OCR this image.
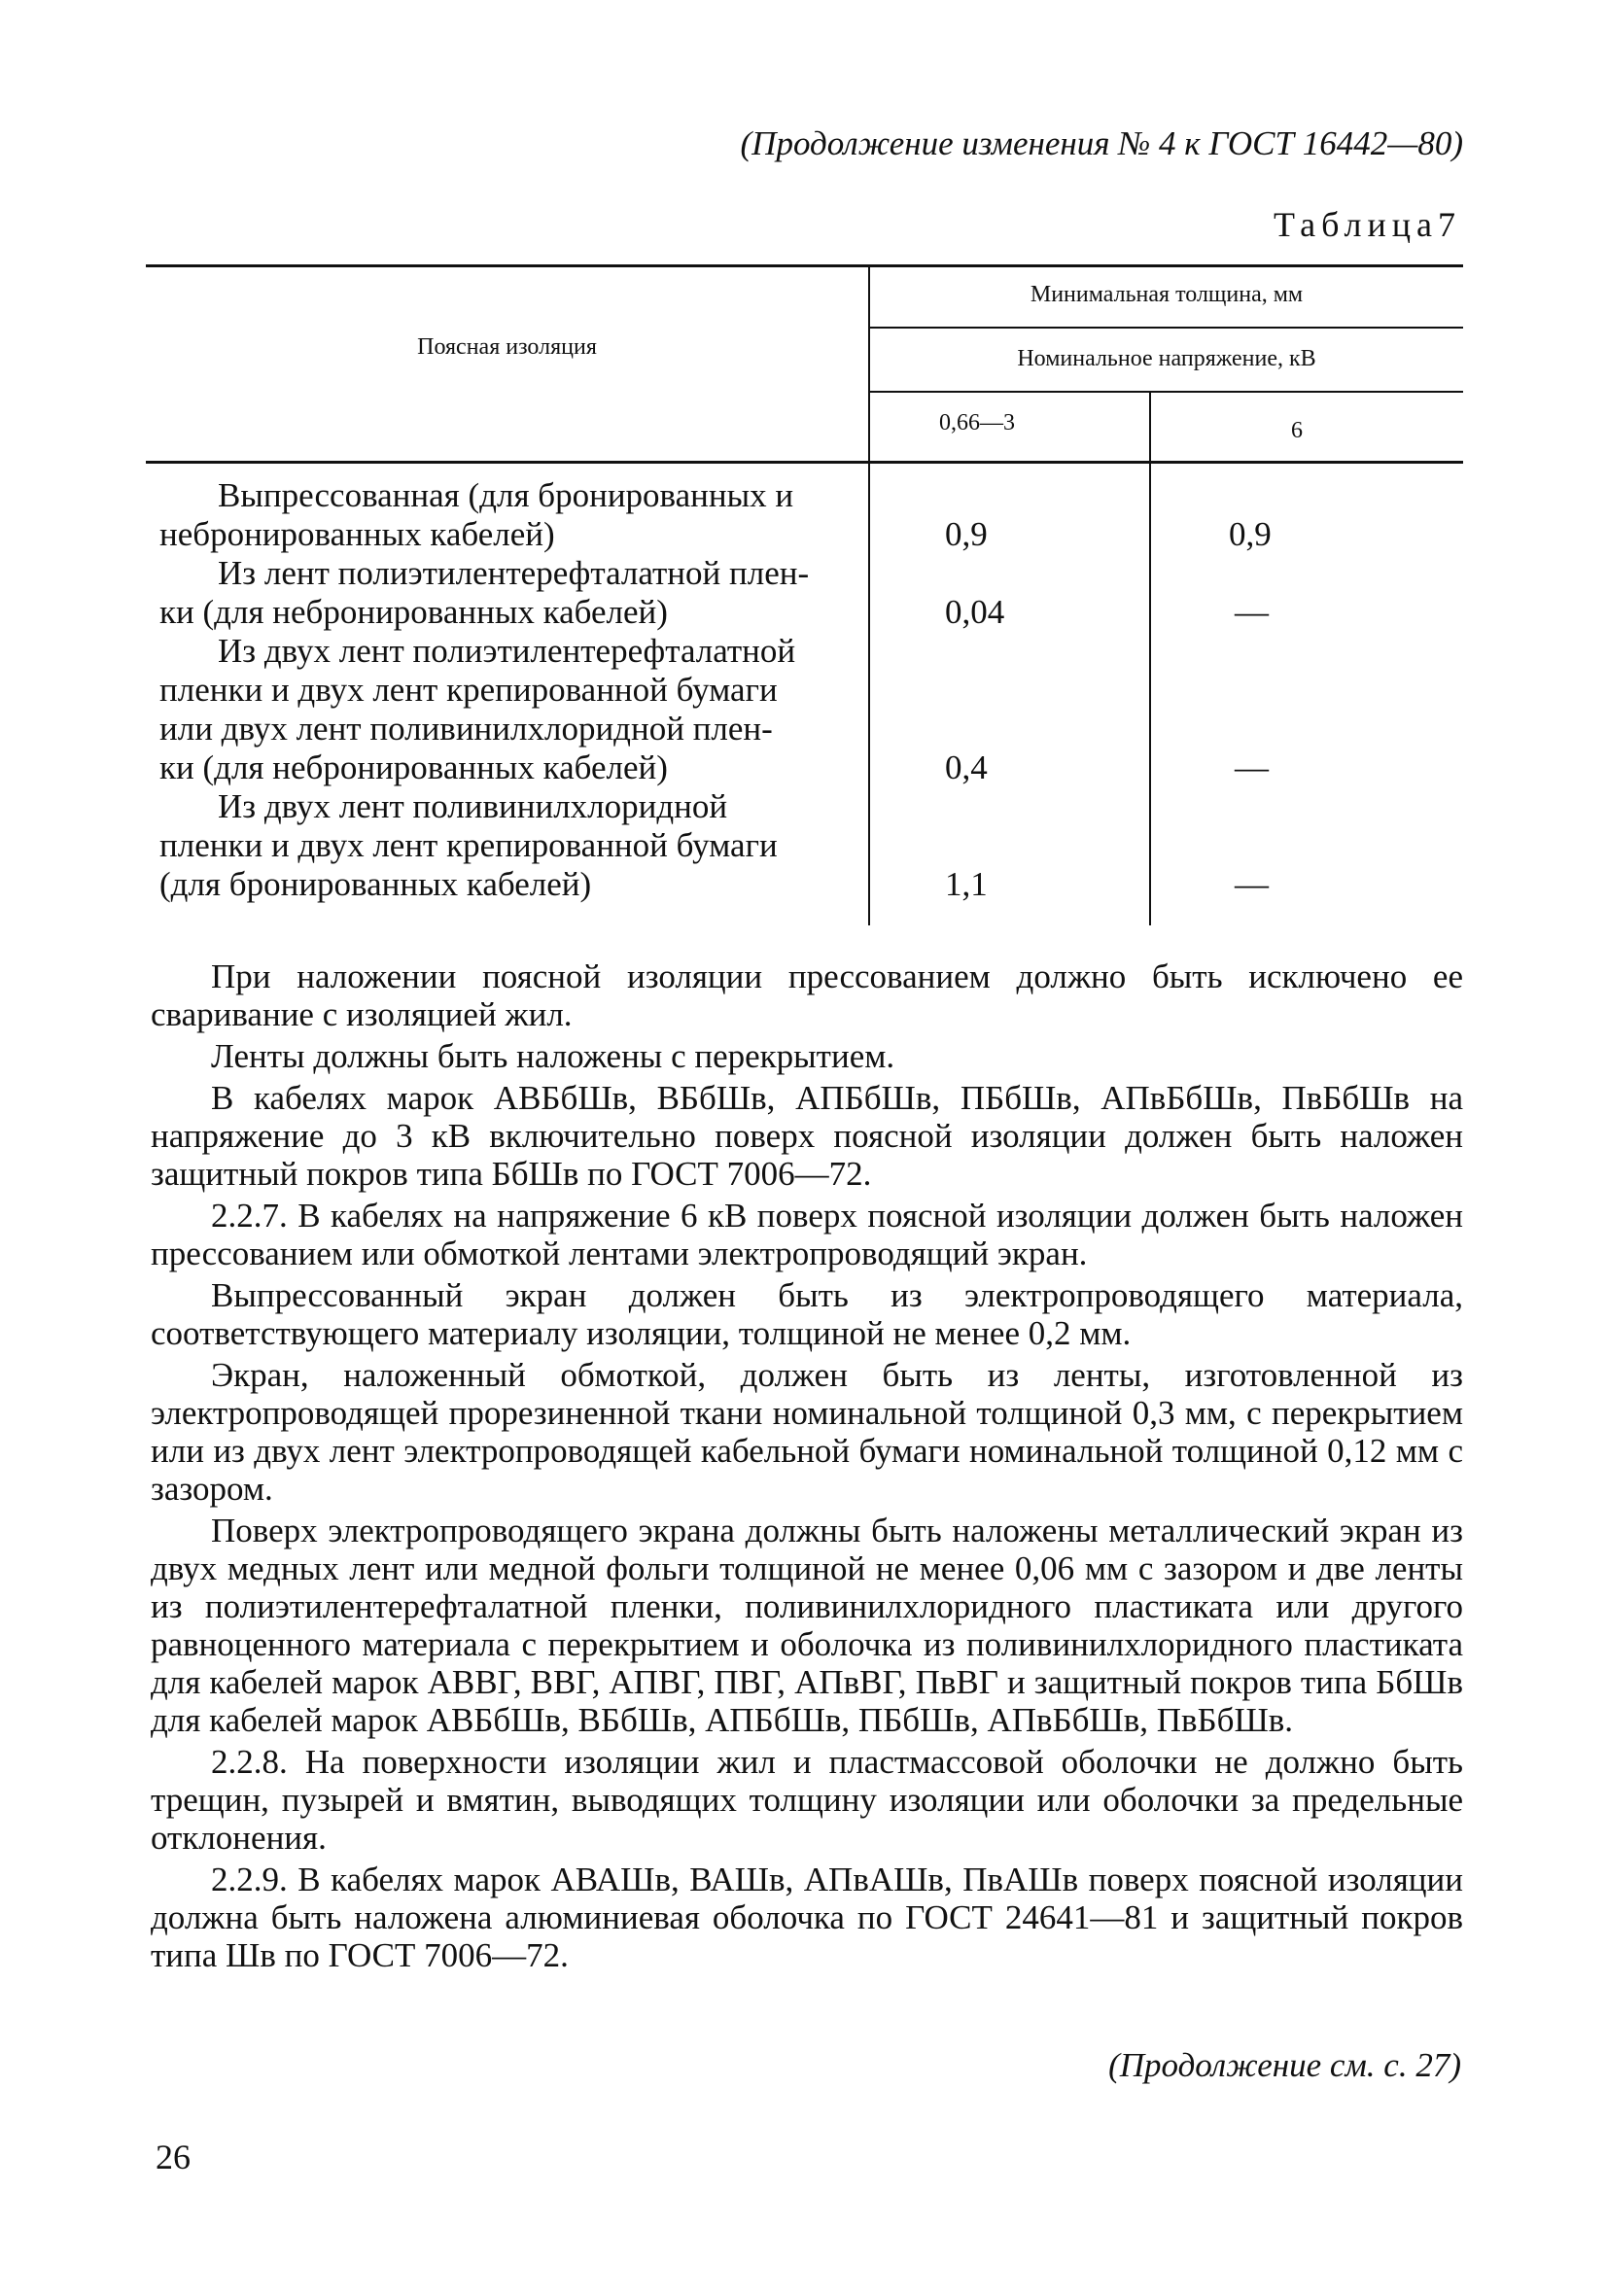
(Продолжение изменения № 4 к ГОСТ 16442—80)
Таблица7
Поясная изоляция
Минимальная толщина, мм
Номинальное напряжение, кВ
0,66—3	6
Выпрессованная (для бронированных и
небронированных кабелей)	0,9	0,9
Из лент полиэтилентерефталатной плен-
ки (для небронированных кабелей)	0,04	—
Из двух лент полиэтилентерефталатной
пленки и двух лент крепированной бумаги
или двух лент поливинилхлоридной плен-
ки (для небронированных кабелей)	0,4	—
Из двух лент поливинилхлоридной
пленки и двух лент крепированной бумаги
(для бронированных кабелей)	1,1	—

При наложении поясной изоляции прессованием должно быть исключено ее сваривание с изоляцией жил.

Ленты должны быть наложены с перекрытием.

В кабелях марок АВБбШв, ВБбШв, АПБбШв, ПБбШв, АПвБбШв, ПвБбШв на напряжение до 3 кВ включительно поверх поясной изоляции должен быть наложен защитный покров типа БбШв по ГОСТ 7006—72.

2.2.7. В кабелях на напряжение 6 кВ поверх поясной изоляции должен быть наложен прессованием или обмоткой лентами электропроводящий экран.

Выпрессованный экран должен быть из электропроводящего материала, соответствующего материалу изоляции, толщиной не менее 0,2 мм.

Экран, наложенный обмоткой, должен быть из ленты, изготовленной из электропроводящей прорезиненной ткани номинальной толщиной 0,3 мм, с перекрытием или из двух лент электропроводящей кабельной бумаги номинальной толщиной 0,12 мм с зазором.

Поверх электропроводящего экрана должны быть наложены металлический экран из двух медных лент или медной фольги толщиной не менее 0,06 мм с зазором и две ленты из полиэтилентерефталатной пленки, поливинилхлоридного пластиката или другого равноценного материала с перекрытием и оболочка из поливинилхлоридного пластиката для кабелей марок АВВГ, ВВГ, АПВГ, ПВГ, АПвВГ, ПвВГ и защитный покров типа БбШв для кабелей марок АВБбШв, ВБбШв, АПБбШв, ПБбШв, АПвБбШв, ПвБбШв.

2.2.8. На поверхности изоляции жил и пластмассовой оболочки не должно быть трещин, пузырей и вмятин, выводящих толщину изоляции или оболочки за предельные отклонения.

2.2.9. В кабелях марок АВАШв, ВАШв, АПвАШв, ПвАШв поверх поясной изоляции должна быть наложена алюминиевая оболочка по ГОСТ 24641—81 и защитный покров типа Шв по ГОСТ 7006—72.

(Продолжение см. с. 27)
26
